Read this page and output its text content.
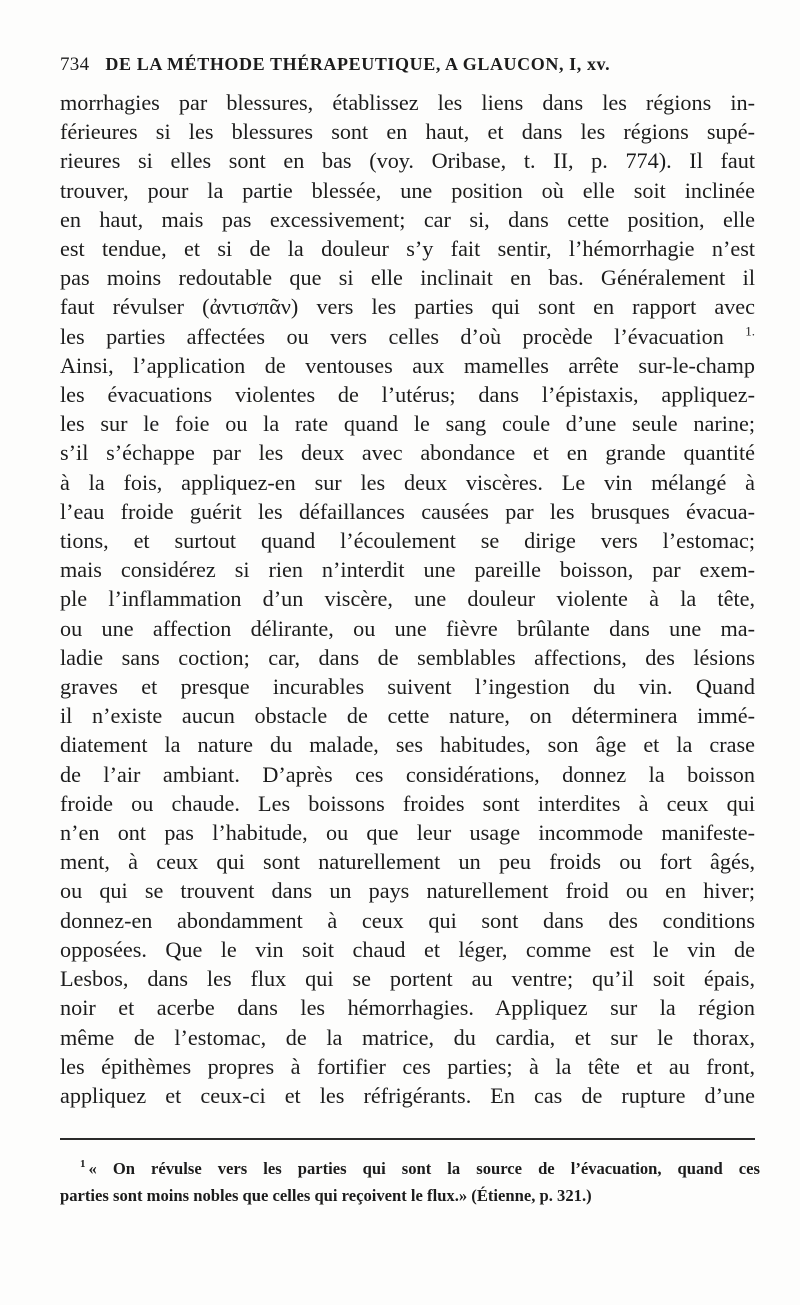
734 DE LA MÉTHODE THÉRAPEUTIQUE, A GLAUCON, I, xv.
morrhagies par blessures, établissez les liens dans les régions in-
férieures si les blessures sont en haut, et dans les régions supé-
rieures si elles sont en bas (voy. Oribase, t. II, p. 774). Il faut
trouver, pour la partie blessée, une position où elle soit inclinée
en haut, mais pas excessivement; car si, dans cette position, elle
est tendue, et si de la douleur s’y fait sentir, l’hémorrhagie n’est
pas moins redoutable que si elle inclinait en bas. Généralement il
faut révulser (ἀντισπᾶν) vers les parties qui sont en rapport avec
les parties affectées ou vers celles d’où procède l’évacuation $^{1.}$
Ainsi, l’application de ventouses aux mamelles arrête sur-le-champ
les évacuations violentes de l’utérus; dans l’épistaxis, appliquez-
les sur le foie ou la rate quand le sang coule d’une seule narine;
s’il s’échappe par les deux avec abondance et en grande quantité
à la fois, appliquez-en sur les deux viscères. Le vin mélangé à
l’eau froide guérit les défaillances causées par les brusques évacua-
tions, et surtout quand l’écoulement se dirige vers l’estomac;
mais considérez si rien n’interdit une pareille boisson, par exem-
ple l’inflammation d’un viscère, une douleur violente à la tête,
ou une affection délirante, ou une fièvre brûlante dans une ma-
ladie sans coction; car, dans de semblables affections, des lésions
graves et presque incurables suivent l’ingestion du vin. Quand
il n’existe aucun obstacle de cette nature, on déterminera immé-
diatement la nature du malade, ses habitudes, son âge et la crase
de l’air ambiant. D’après ces considérations, donnez la boisson
froide ou chaude. Les boissons froides sont interdites à ceux qui
n’en ont pas l’habitude, ou que leur usage incommode manifeste-
ment, à ceux qui sont naturellement un peu froids ou fort âgés,
ou qui se trouvent dans un pays naturellement froid ou en hiver;
donnez-en abondamment à ceux qui sont dans des conditions
opposées. Que le vin soit chaud et léger, comme est le vin de
Lesbos, dans les flux qui se portent au ventre; qu’il soit épais,
noir et acerbe dans les hémorrhagies. Appliquez sur la région
même de l’estomac, de la matrice, du cardia, et sur le thorax,
les épithèmes propres à fortifier ces parties; à la tête et au front,
appliquez et ceux-ci et les réfrigérants. En cas de rupture d’une
$^1$ « On révulse vers les parties qui sont la source de l’évacuation, quand ces
parties sont moins nobles que celles qui reçoivent le flux.» (Étienne, p. 321.)
